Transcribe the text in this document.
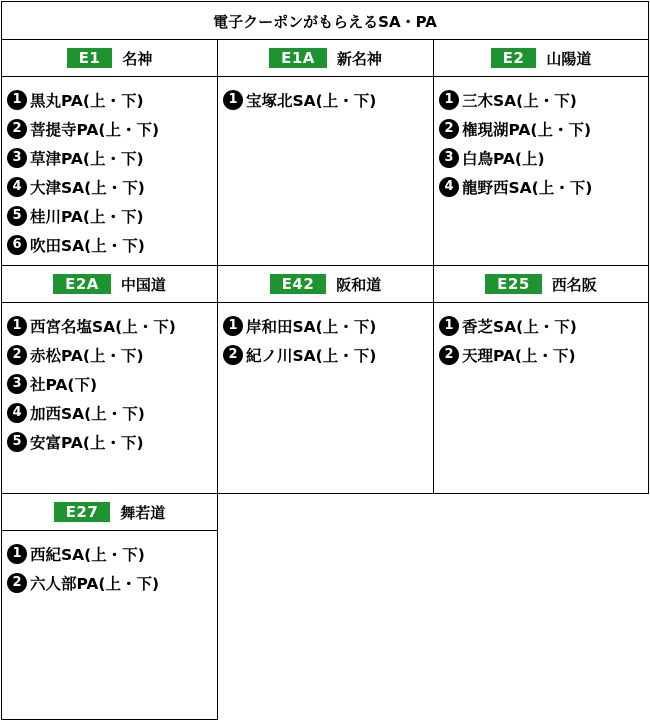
電子クーポンがもらえるSA・PA
E1	名神
1 黒丸PA(上・下)
2 菩提寺PA(上・下)
3 草津PA(上・下)
4 大津SA(上・下)
5 桂川PA(上・下)
6 吹田SA(上・下)
E1A	新名神
1 宝塚北SA(上・下)
E2	山陽道
1 三木SA(上・下)
2 権現湖PA(上・下)
3 白鳥PA(上)
4 龍野西SA(上・下)
E2A	中国道
1 西宮名塩SA(上・下)
2 赤松PA(上・下)
3 社PA(下)
4 加西SA(上・下)
5 安富PA(上・下)
E42	阪和道
1 岸和田SA(上・下)
2 紀ノ川SA(上・下)
E25	西名阪
1 香芝SA(上・下)
2 天理PA(上・下)
E27	舞若道
1 西紀SA(上・下)
2 六人部PA(上・下)
